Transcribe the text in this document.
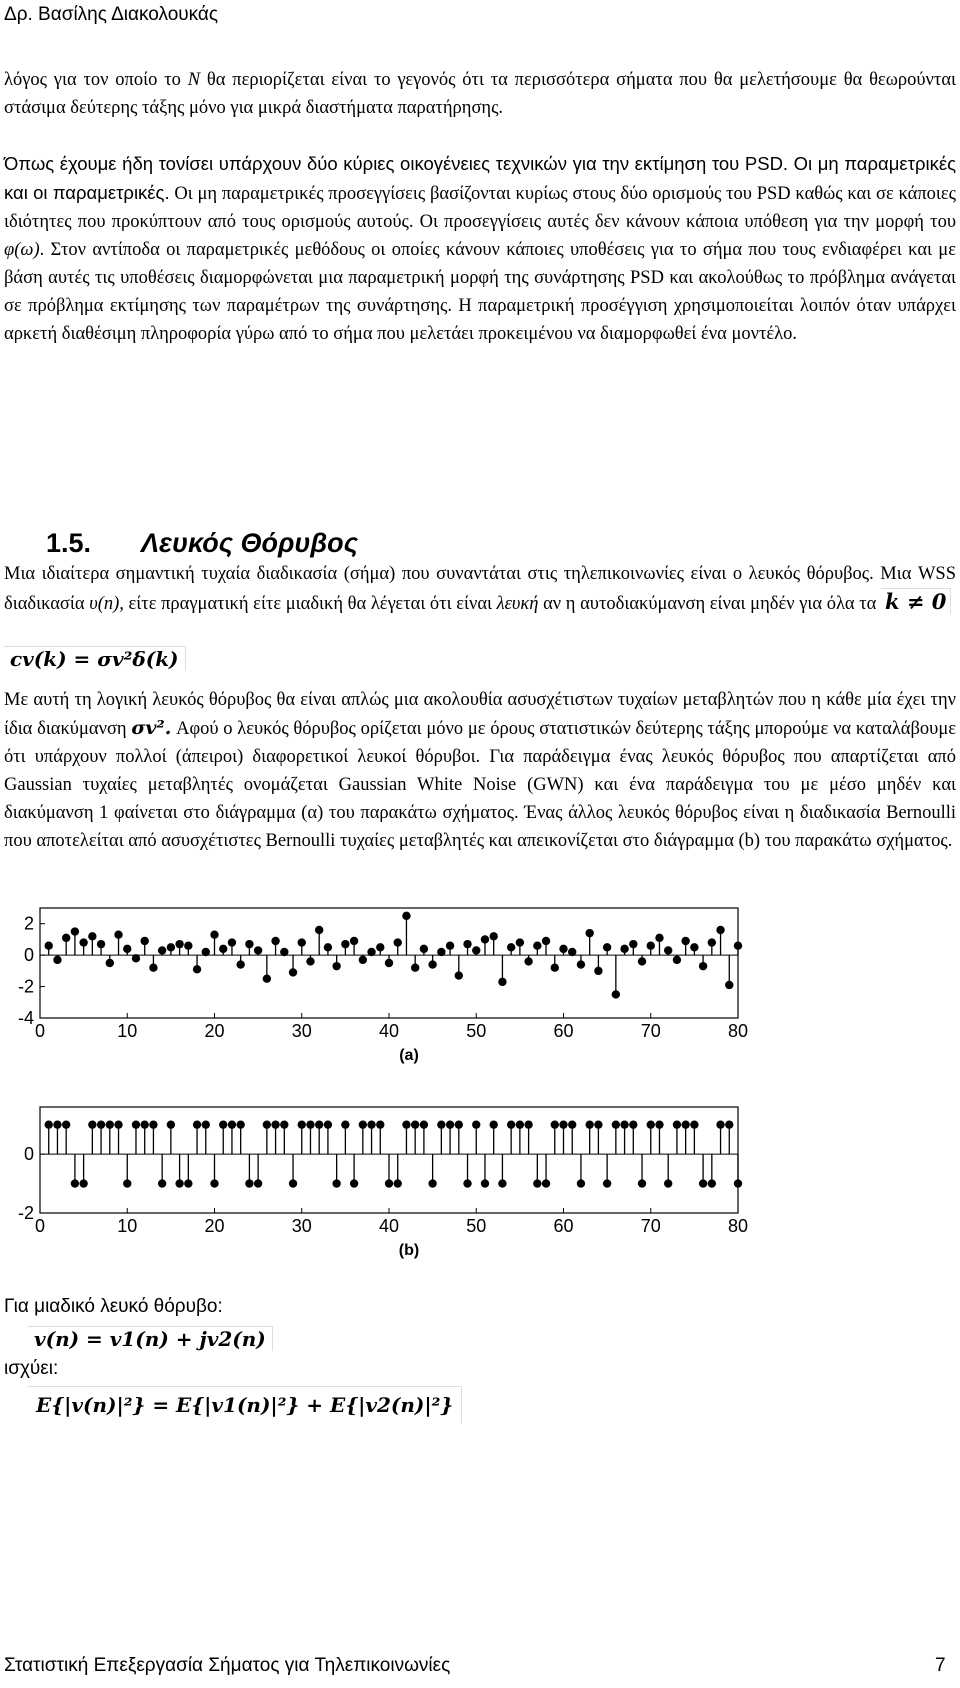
Δρ. Βασίλης Διακολουκάς

λόγος για τον οποίο το N θα περιορίζεται είναι το γεγονός ότι τα περισσότερα σήματα που θα μελετήσουμε θα θεωρούνται στάσιμα δεύτερης τάξης μόνο για μικρά διαστήματα παρατήρησης.

Όπως έχουμε ήδη τονίσει υπάρχουν δύο κύριες οικογένειες τεχνικών για την εκτίμηση του PSD. Οι μη παραμετρικές και οι παραμετρικές. Οι μη παραμετρικές προσεγγίσεις βασίζονται κυρίως στους δύο ορισμούς του PSD καθώς και σε κάποιες ιδιότητες που προκύπτουν από τους ορισμούς αυτούς. Οι προσεγγίσεις αυτές δεν κάνουν κάποια υπόθεση για την μορφή του φ(ω). Στον αντίποδα οι παραμετρικές μεθόδους οι οποίες κάνουν κάποιες υποθέσεις για το σήμα που τους ενδιαφέρει και με βάση αυτές τις υποθέσεις διαμορφώνεται μια παραμετρική μορφή της συνάρτησης PSD και ακολούθως το πρόβλημα ανάγεται σε πρόβλημα εκτίμησης των παραμέτρων της συνάρτησης. Η παραμετρική προσέγγιση χρησιμοποιείται λοιπόν όταν υπάρχει αρκετή διαθέσιμη πληροφορία γύρω από το σήμα που μελετάει προκειμένου να διαμορφωθεί ένα μοντέλο.

1.5. Λευκός Θόρυβος

Μια ιδιαίτερα σημαντική τυχαία διαδικασία (σήμα) που συναντάται στις τηλεπικοινωνίες είναι ο λευκός θόρυβος. Μια WSS διαδικασία υ(n), είτε πραγματική είτε μιαδική θα λέγεται ότι είναι λευκή αν η αυτοδιακύμανση είναι μηδέν για όλα τα k ≠ 0

cv(k) = σv²δ(k)

Με αυτή τη λογική λευκός θόρυβος θα είναι απλώς μια ακολουθία ασυσχέτιστων τυχαίων μεταβλητών που η κάθε μία έχει την ίδια διακύμανση σv². Αφού ο λευκός θόρυβος ορίζεται μόνο με όρους στατιστικών δεύτερης τάξης μπορούμε να καταλάβουμε ότι υπάρχουν πολλοί (άπειροι) διαφορετικοί λευκοί θόρυβοι. Για παράδειγμα ένας λευκός θόρυβος που απαρτίζεται από Gaussian τυχαίες μεταβλητές ονομάζεται Gaussian White Noise (GWN) και ένα παράδειγμα του με μέσο μηδέν και διακύμανση 1 φαίνεται στο διάγραμμα (α) του παρακάτω σχήματος. Ένας άλλος λευκός θόρυβος είναι η διαδικασία Bernoulli που αποτελείται από ασυσχέτιστες Bernoulli τυχαίες μεταβλητές και απεικονίζεται στο διάγραμμα (b) του παρακάτω σχήματος.

0	10	20	30	40	50	60	70	80
-4
-2
0
2
(a)
0	10	20	30	40	50	60	70	80
-2
0
(b)
Για μιαδικό λευκό θόρυβο:
v(n) = v1(n) + jv2(n)
ισχύει:
E{|v(n)|²} = E{|v1(n)|²} + E{|v2(n)|²}
Στατιστική Επεξεργασία Σήματος για Τηλεπικοινωνίες	7
